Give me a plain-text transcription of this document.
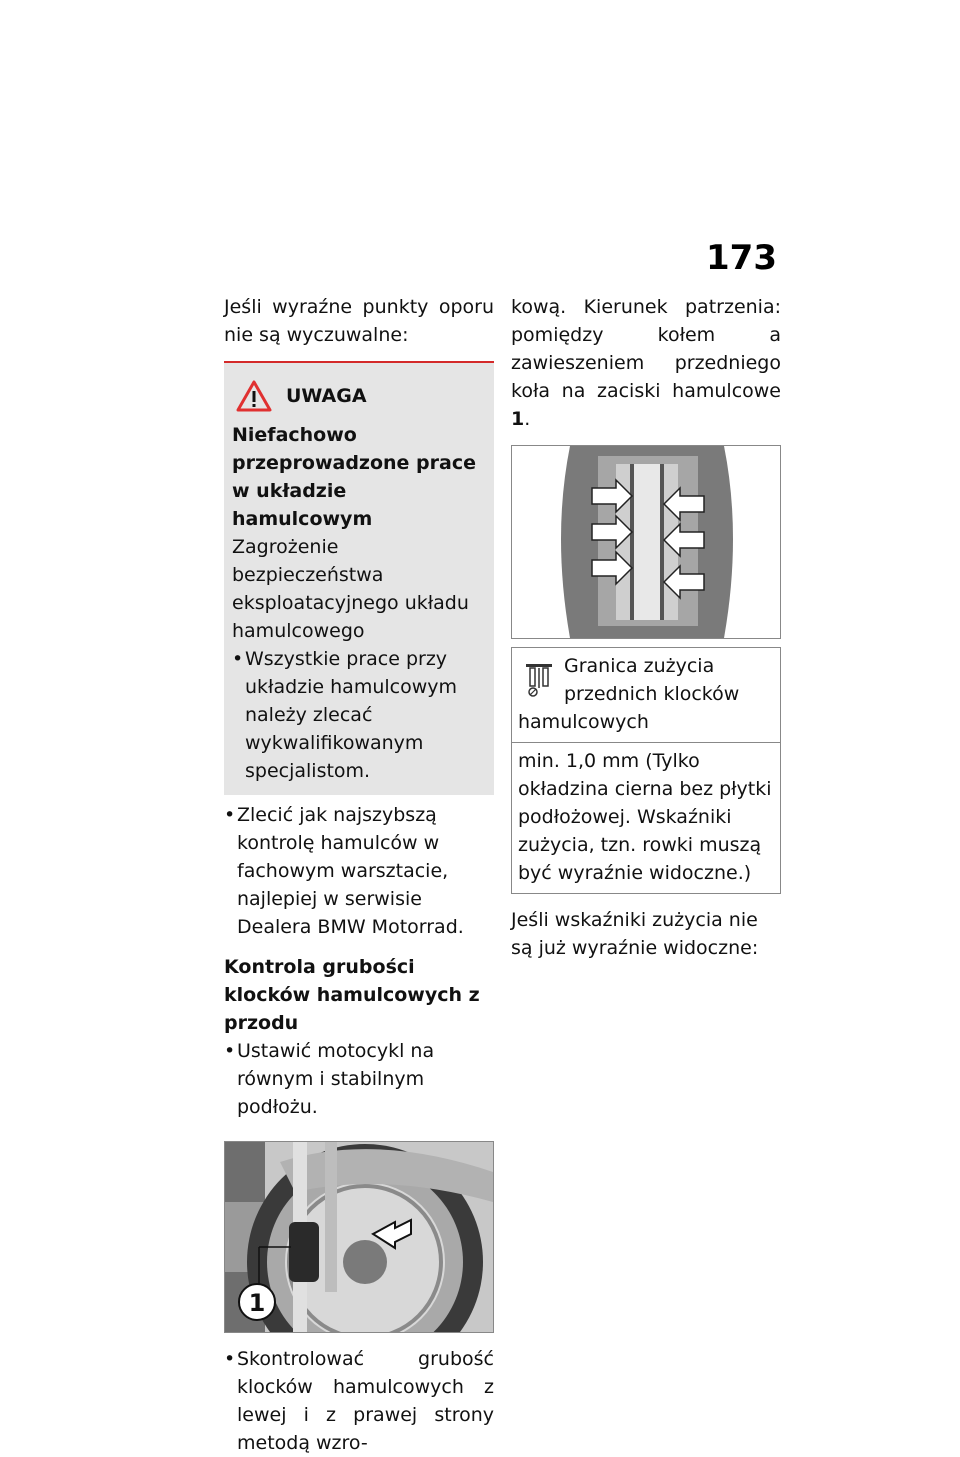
173

Jeśli wyraźne punkty oporu nie są wyczuwalne:

UWAGA

Niefachowo przeprowadzone prace w układzie hamulcowym

Zagrożenie bezpieczeństwa eksploatacyjnego układu hamulcowego

• Wszystkie prace przy układzie hamulcowym należy zlecać wykwalifikowanym specjalistom.
• Zlecić jak najszybszą kontrolę hamulców w fachowym warsztacie, najlepiej w serwisie Dealera BMW Motorrad.

Kontrola grubości klocków hamulcowych z przodu

• Ustawić motocykl na równym i stabilnym podłożu.
1
• Skontrolować grubość klocków hamulcowych z lewej i z prawej strony metodą wzro-

kową. Kierunek patrzenia: pomiędzy kołem a zawieszeniem przedniego koła na zaciski hamulcowe 1.

Granica zużycia przednich klocków hamulcowych
min. 1,0 mm (Tylko okładzina cierna bez płytki podłożowej. Wskaźniki zużycia, tzn. rowki muszą być wyraźnie widoczne.)

Jeśli wskaźniki zużycia nie są już wyraźnie widoczne:
